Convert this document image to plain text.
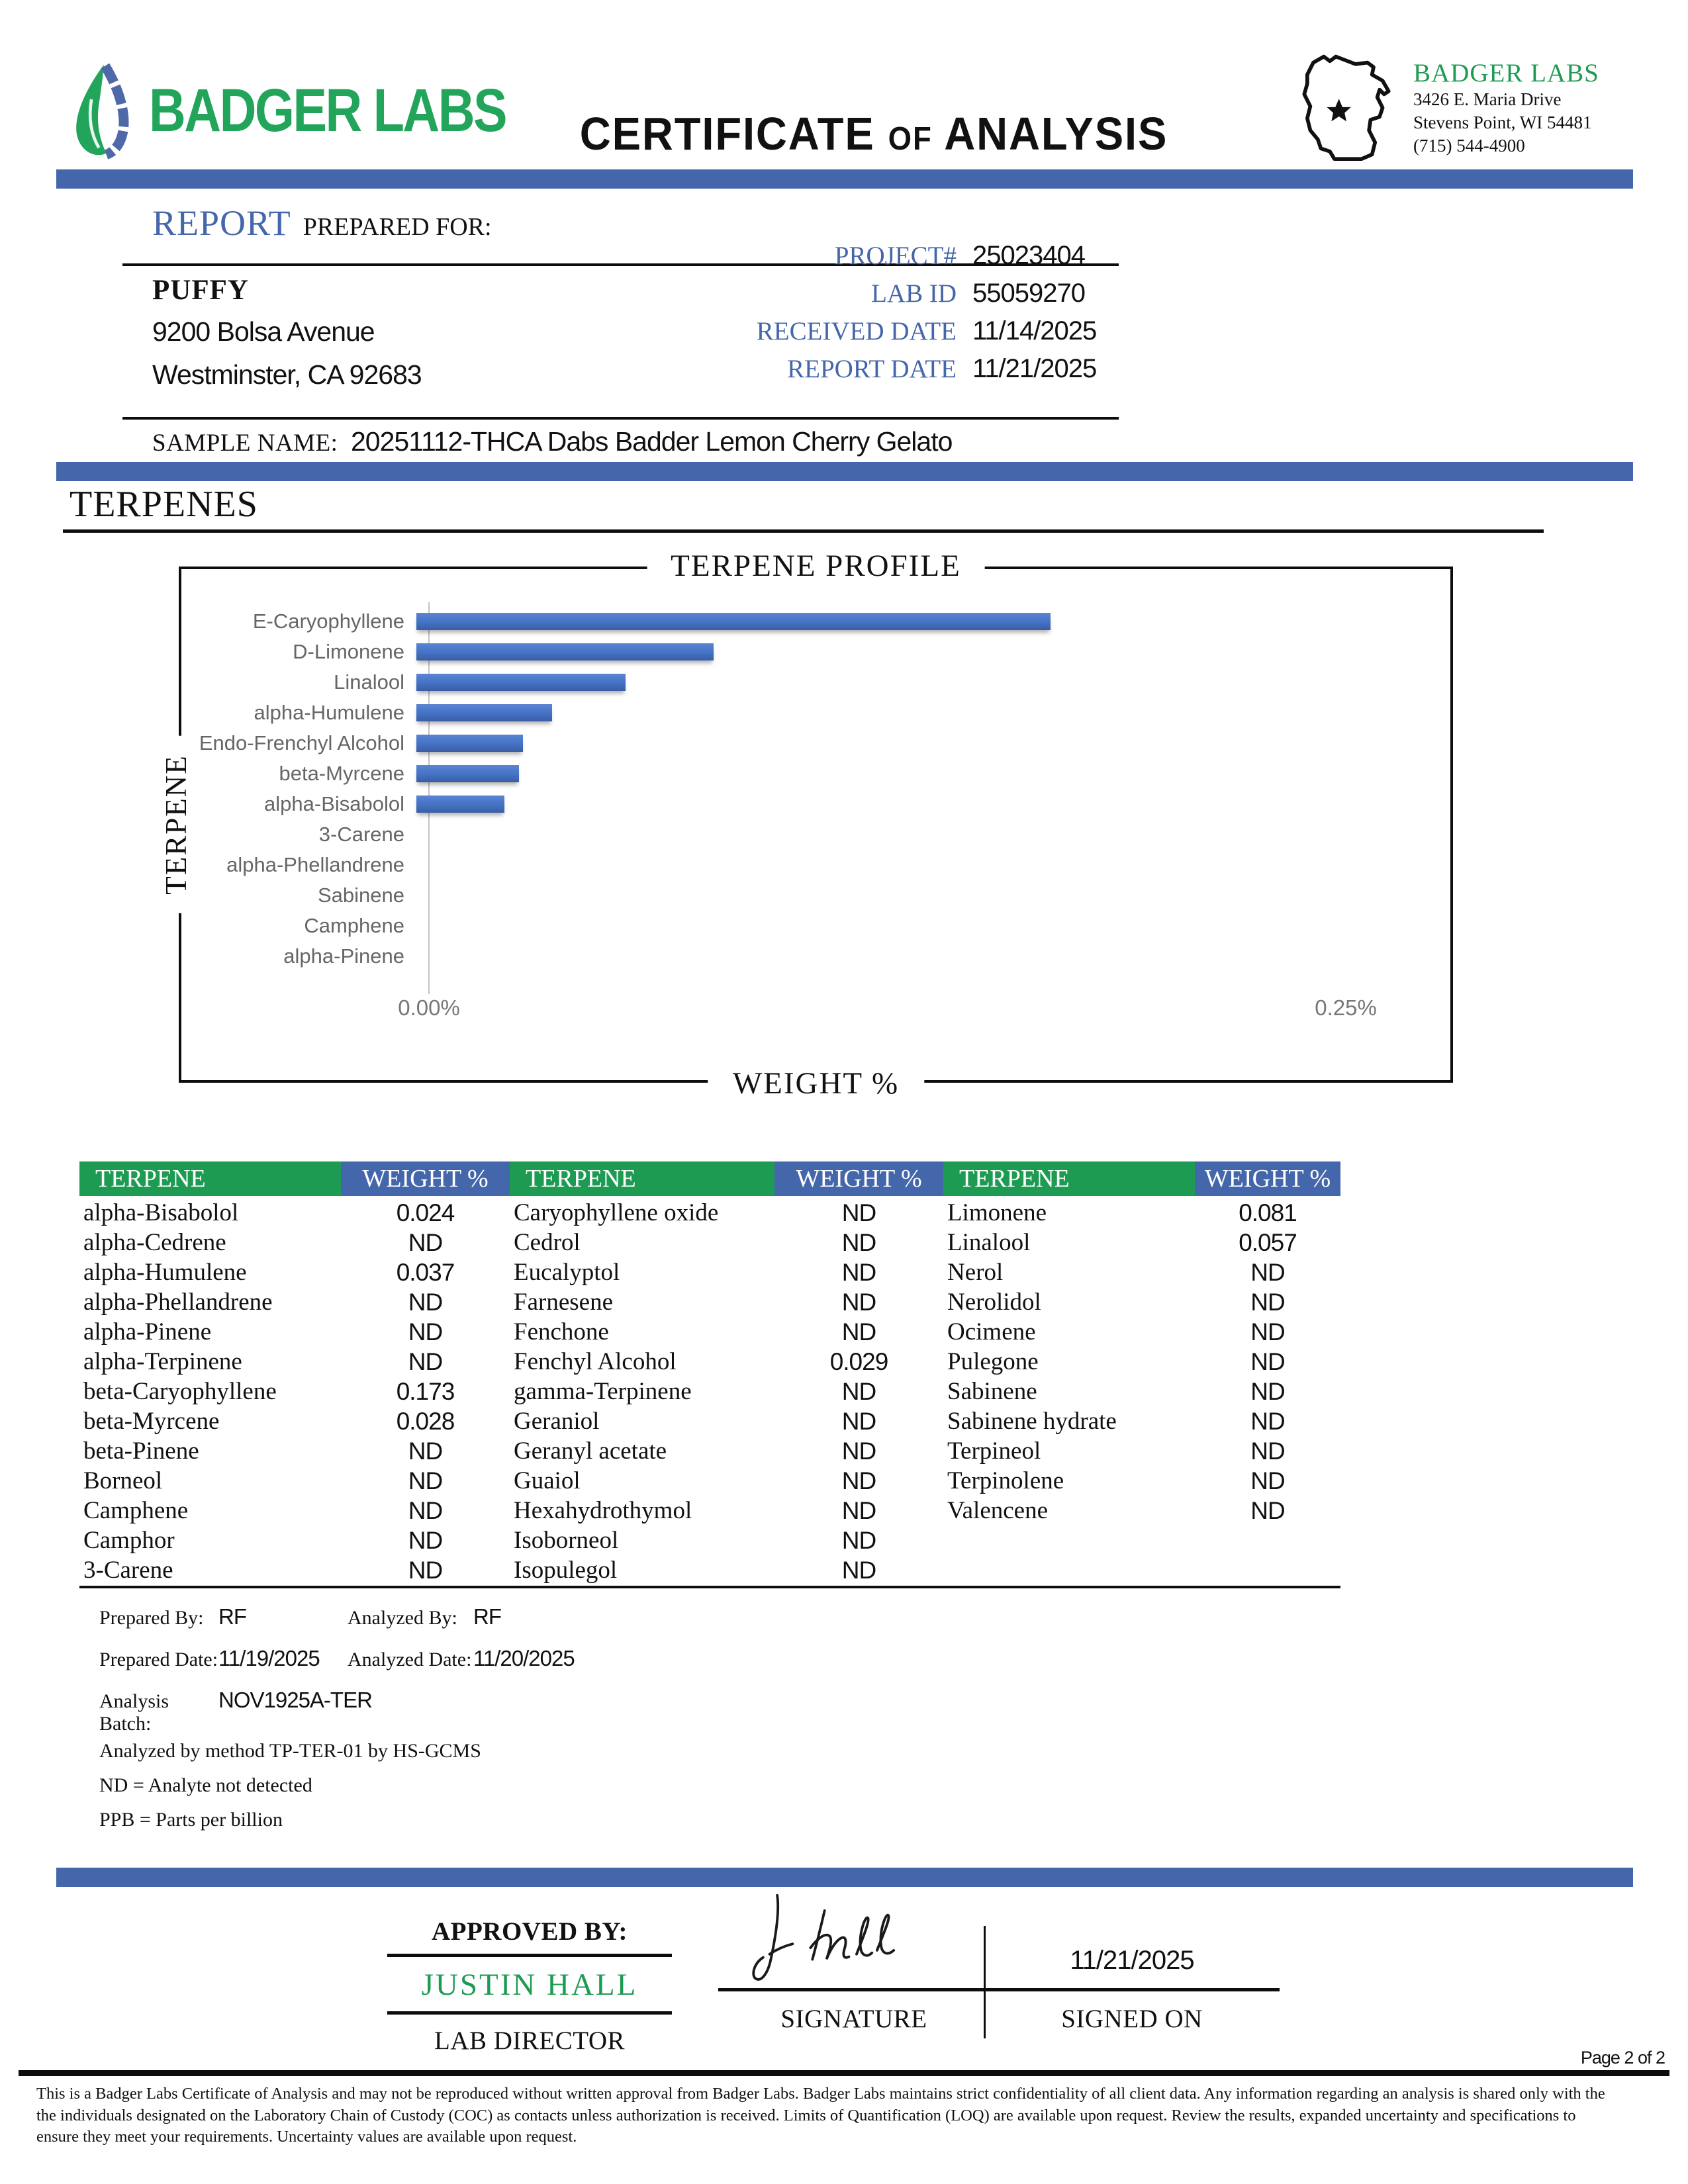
BADGER LABS	CERTIFICATE of ANALYSIS
BADGER LABS
3426 E. Maria Drive
Stevens Point, WI 54481
(715) 544-4900
REPORT PREPARED FOR:
PUFFY
9200 Bolsa Avenue
Westminster, CA 92683
PROJECT# 25023404
LAB ID 55059270
RECEIVED DATE 11/14/2025
REPORT DATE 11/21/2025
SAMPLE NAME: 20251112-THCA Dabs Badder Lemon Cherry Gelato
TERPENES
TERPENE PROFILE
TERPENE
WEIGHT %
E-Caryophyllene
D-Limonene
Linalool
alpha-Humulene
Endo-Frenchyl Alcohol
beta-Myrcene
alpha-Bisabolol
3-Carene
alpha-Phellandrene
Sabinene
Camphene
alpha-Pinene
0.00%	0.25%
TERPENE	WEIGHT %	TERPENE	WEIGHT %	TERPENE	WEIGHT %
alpha-Bisabolol	0.024	Caryophyllene oxide	ND	Limonene	0.081
alpha-Cedrene	ND	Cedrol	ND	Linalool	0.057
alpha-Humulene	0.037	Eucalyptol	ND	Nerol	ND
alpha-Phellandrene	ND	Farnesene	ND	Nerolidol	ND
alpha-Pinene	ND	Fenchone	ND	Ocimene	ND
alpha-Terpinene	ND	Fenchyl Alcohol	0.029	Pulegone	ND
beta-Caryophyllene	0.173	gamma-Terpinene	ND	Sabinene	ND
beta-Myrcene	0.028	Geraniol	ND	Sabinene hydrate	ND
beta-Pinene	ND	Geranyl acetate	ND	Terpineol	ND
Borneol	ND	Guaiol	ND	Terpinolene	ND
Camphene	ND	Hexahydrothymol	ND	Valencene	ND
Camphor	ND	Isoborneol	ND
3-Carene	ND	Isopulegol	ND
Prepared By: RF	Analyzed By: RF
Prepared Date: 11/19/2025	Analyzed Date: 11/20/2025
Analysis Batch:
NOV1925A-TER
Analyzed by method TP-TER-01 by HS-GCMS
ND = Analyte not detected
PPB = Parts per billion
APPROVED BY:
JUSTIN HALL
LAB DIRECTOR
SIGNATURE	SIGNED ON
11/21/2025
Page 2 of 2
This is a Badger Labs Certificate of Analysis and may not be reproduced without written approval from Badger Labs. Badger Labs maintains strict confidentiality of all client data. Any information regarding an analysis is shared only with the
the individuals designated on the Laboratory Chain of Custody (COC) as contacts unless authorization is received. Limits of Quantification (LOQ) are available upon request. Review the results, expanded uncertainty and specifications to
ensure they meet your requirements. Uncertainty values are available upon request.
